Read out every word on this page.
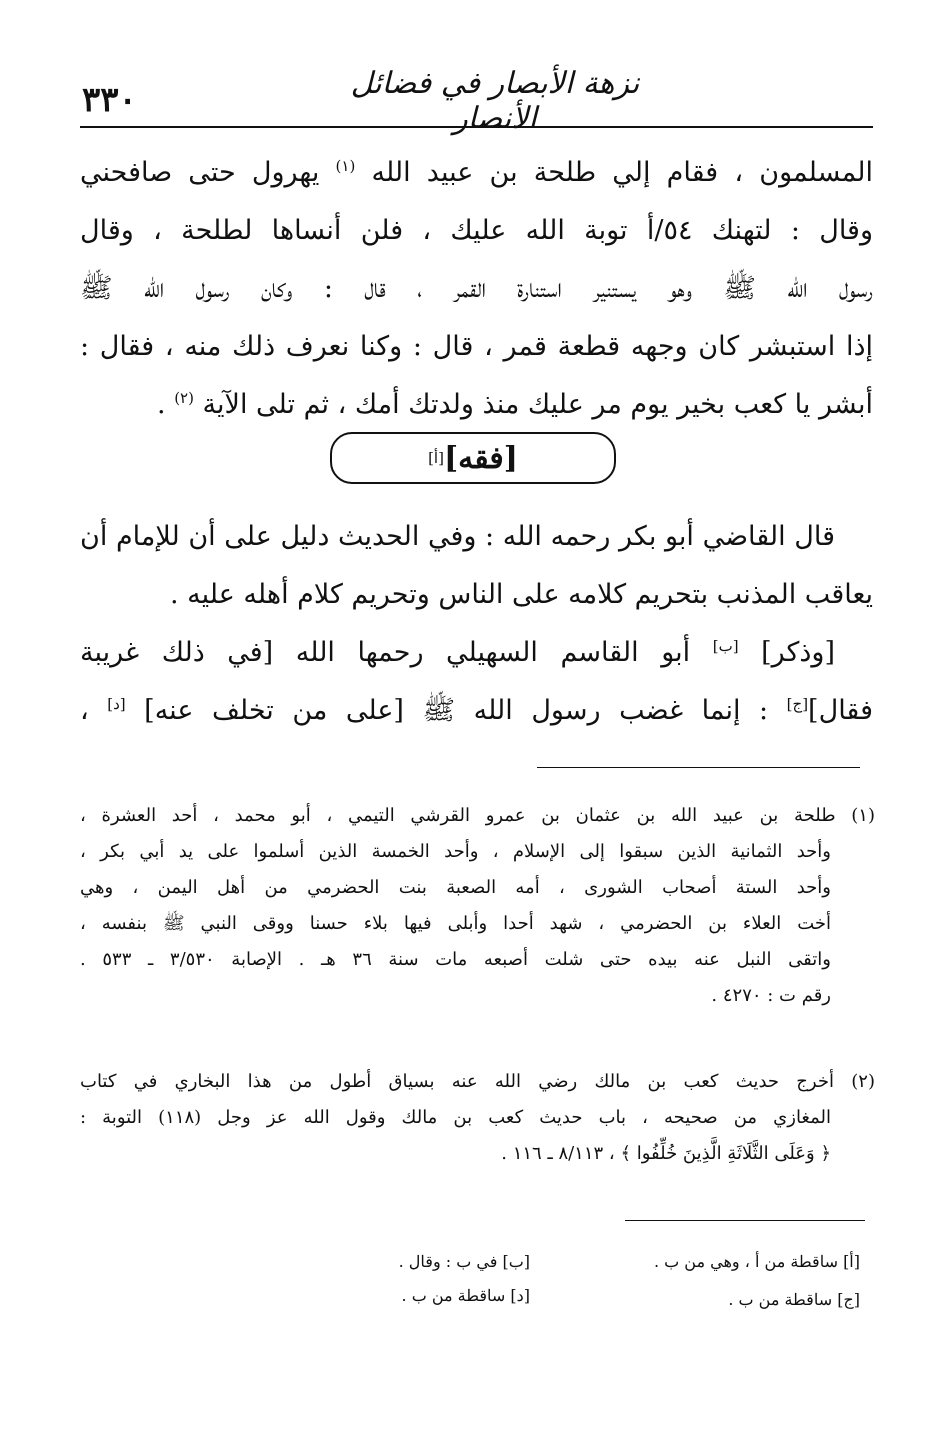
٣٣٠	نزهة الأبصار في فضائل الأنصار
المسلمون ، فقام إلي طلحة بن عبيد الله $^{(١)}$ يهرول حتى صافحني
وقال : لتهنك ٥٤/أ توبة الله عليك ، فلن أنساها لطلحة ، وقال
رسول الله ﷺ وهو يستنير استنارة القمر ، قال : وكان رسول الله ﷺ
إذا استبشر كان وجهه قطعة قمر ، قال : وكنا نعرف ذلك منه ، فقال :
أبشر يا كعب بخير يوم مر عليك منذ ولدتك أمك ، ثم تلى الآية $^{(٢)}$ .
[فقه]
[أ]
قال القاضي أبو بكر رحمه الله : وفي الحديث دليل على أن للإمام أن
يعاقب المذنب بتحريم كلامه على الناس وتحريم كلام أهله عليه .
[وذكر] [ب] أبو القاسم السهيلي رحمها الله [في ذلك غريبة
فقال][ج] : إنما غضب رسول الله ﷺ [على من تخلف عنه] [د] ،
(١) طلحة بن عبيد الله بن عثمان بن عمرو القرشي التيمي ، أبو محمد ، أحد العشرة ،
وأحد الثمانية الذين سبقوا إلى الإسلام ، وأحد الخمسة الذين أسلموا على يد أبي بكر ،
وأحد الستة أصحاب الشورى ، أمه الصعبة بنت الحضرمي من أهل اليمن ، وهي
أخت العلاء بن الحضرمي ، شهد أحدا وأبلى فيها بلاء حسنا ووقى النبي ﷺ بنفسه ،
واتقى النبل عنه بيده حتى شلت أصبعه مات سنة ٣٦ هـ . الإصابة ٣/٥٣٠ ـ ٥٣٣ .
رقم ت : ٤٢٧٠ .
(٢) أخرج حديث كعب بن مالك رضي الله عنه بسياق أطول من هذا البخاري في كتاب
المغازي من صحيحه ، باب حديث كعب بن مالك وقول الله عز وجل (١١٨) التوبة :
﴿ وَعَلَى الثَّلَاثَةِ الَّذِينَ خُلِّفُوا ﴾ ، ٨/١١٣ ـ ١١٦ .
[أ] ساقطة من أ ، وهي من ب .
[ب] في ب : وقال .
[ج] ساقطة من ب .
[د] ساقطة من ب .
